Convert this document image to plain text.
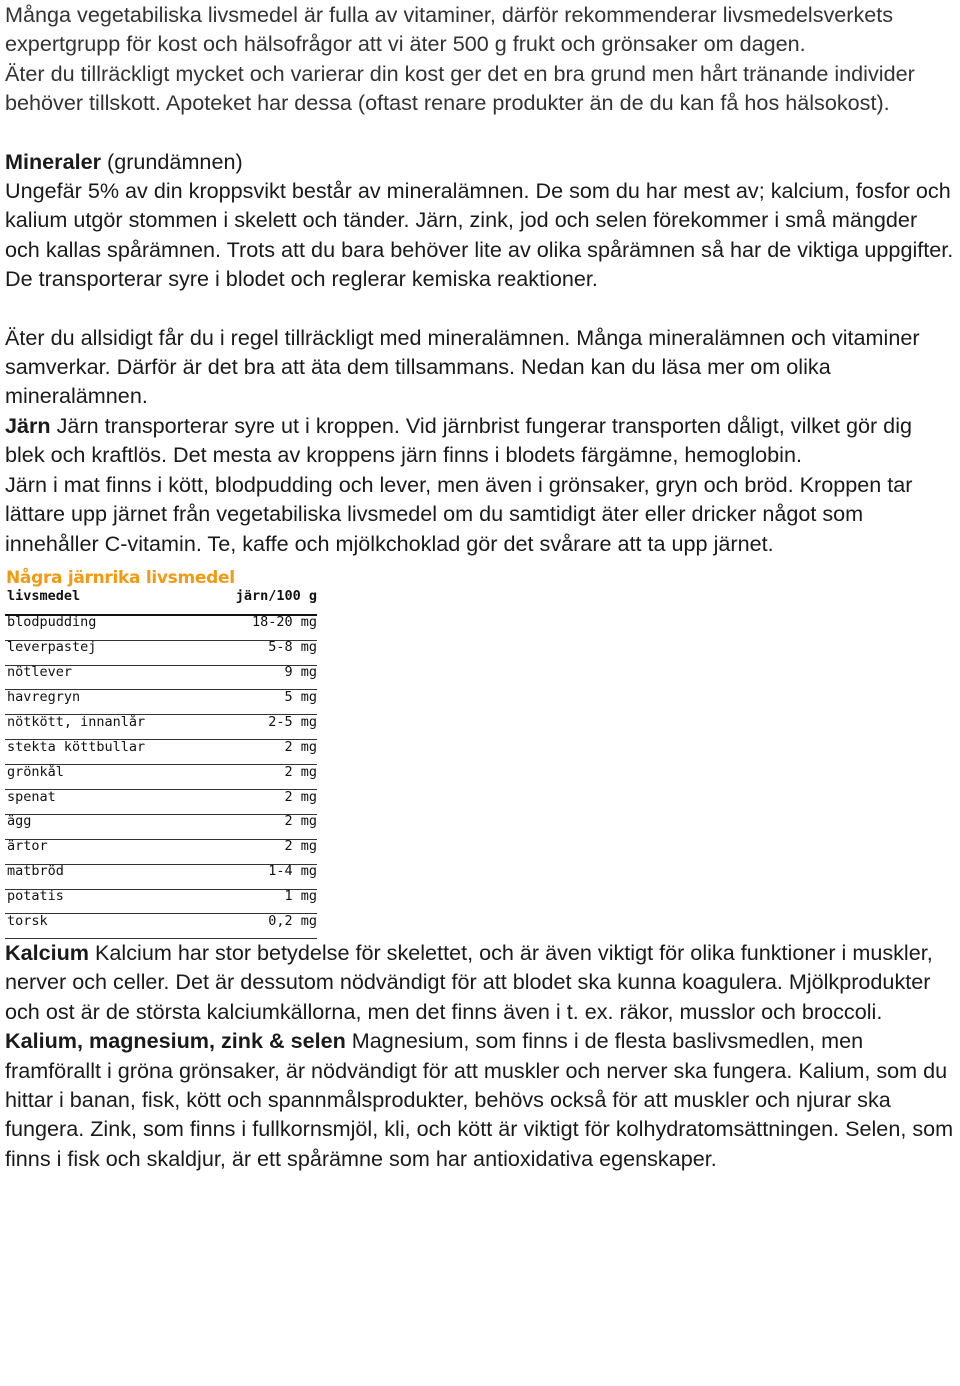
Många vegetabiliska livsmedel är fulla av vitaminer, därför rekommenderar livsmedelsverkets expertgrupp för kost och hälsofrågor att vi äter 500 g frukt och grönsaker om dagen.

Äter du tillräckligt mycket och varierar din kost ger det en bra grund men hårt tränande individer behöver tillskott. Apoteket har dessa (oftast renare produkter än de du kan få hos hälsokost).

Mineraler (grundämnen)

Ungefär 5% av din kroppsvikt består av mineralämnen. De som du har mest av; kalcium, fosfor och kalium utgör stommen i skelett och tänder. Järn, zink, jod och selen förekommer i små mängder och kallas spårämnen. Trots att du bara behöver lite av olika spårämnen så har de viktiga uppgifter. De transporterar syre i blodet och reglerar kemiska reaktioner.

Äter du allsidigt får du i regel tillräckligt med mineralämnen. Många mineralämnen och vitaminer samverkar. Därför är det bra att äta dem tillsammans. Nedan kan du läsa mer om olika mineralämnen.

Järn Järn transporterar syre ut i kroppen. Vid järnbrist fungerar transporten dåligt, vilket gör dig blek och kraftlös. Det mesta av kroppens järn finns i blodets färgämne, hemoglobin.

Järn i mat finns i kött, blodpudding och lever, men även i grönsaker, gryn och bröd. Kroppen tar lättare upp järnet från vegetabiliska livsmedel om du samtidigt äter eller dricker något som innehåller C-vitamin. Te, kaffe och mjölkchoklad gör det svårare att ta upp järnet.

Några järnrika livsmedel
livsmedel	järn/100 g
blodpudding	18-20 mg
leverpastej	5-8 mg
nötlever	9 mg
havregryn	5 mg
nötkött, innanlår	2-5 mg
stekta köttbullar	2 mg
grönkål	2 mg
spenat	2 mg
ägg	2 mg
ärtor	2 mg
matbröd	1-4 mg
potatis	1 mg
torsk	0,2 mg

Kalcium Kalcium har stor betydelse för skelettet, och är även viktigt för olika funktioner i muskler, nerver och celler. Det är dessutom nödvändigt för att blodet ska kunna koagulera. Mjölkprodukter och ost är de största kalciumkällorna, men det finns även i t. ex. räkor, musslor och broccoli.

Kalium, magnesium, zink & selen Magnesium, som finns i de flesta baslivsmedlen, men framförallt i gröna grönsaker, är nödvändigt för att muskler och nerver ska fungera. Kalium, som du hittar i banan, fisk, kött och spannmålsprodukter, behövs också för att muskler och njurar ska fungera. Zink, som finns i fullkornsmjöl, kli, och kött är viktigt för kolhydratomsättningen. Selen, som finns i fisk och skaldjur, är ett spårämne som har antioxidativa egenskaper.
